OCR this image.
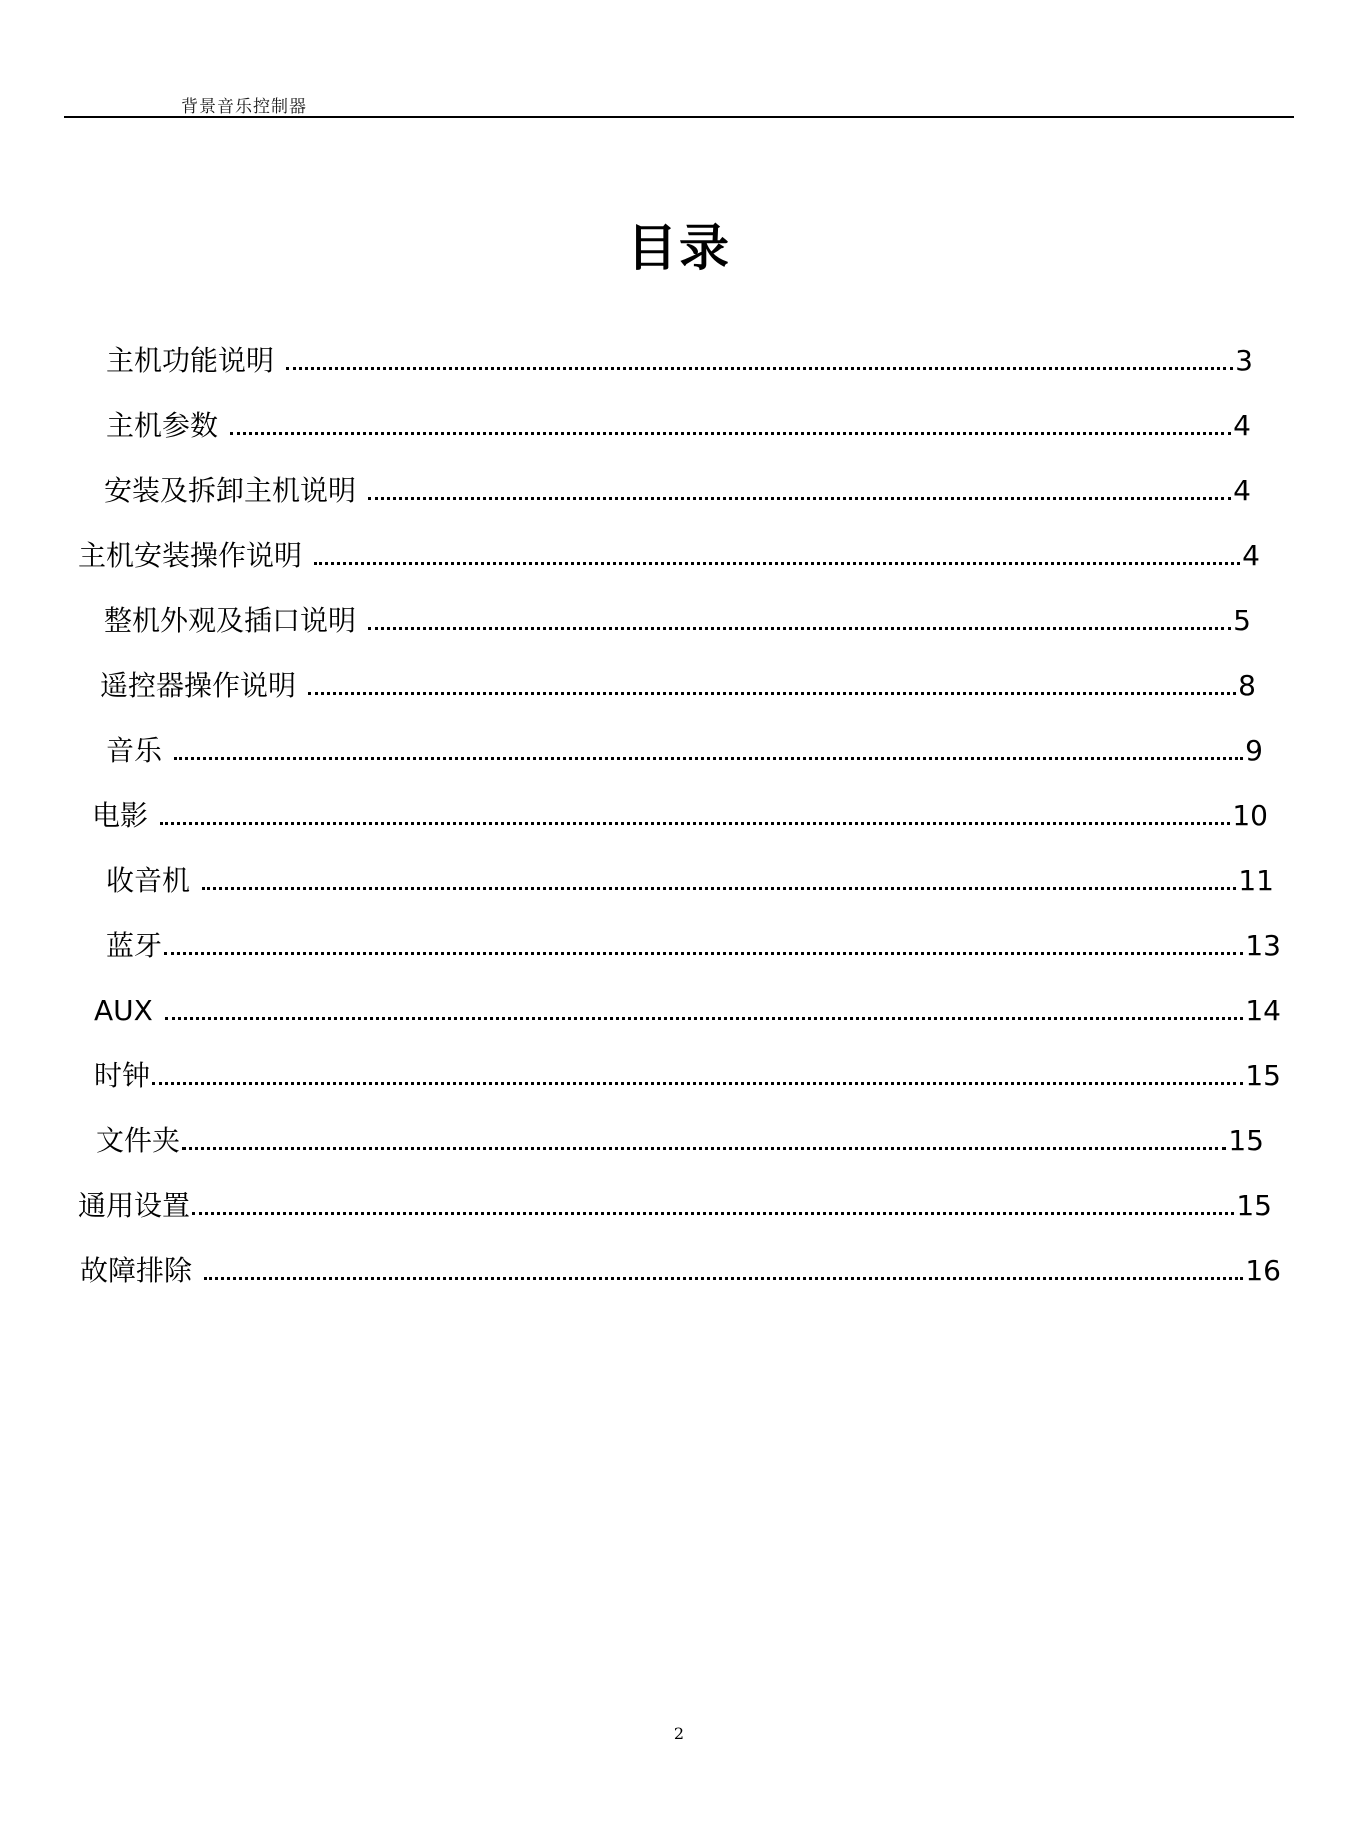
背景音乐控制器
目录
主机功能说明	3
主机参数	4
安装及拆卸主机说明	4
主机安装操作说明	4
整机外观及插口说明	5
遥控器操作说明	8
音乐	9
电影	10
收音机	11
蓝牙	13
AUX	14
时钟	15
文件夹	15
通用设置	15
故障排除	16
2
